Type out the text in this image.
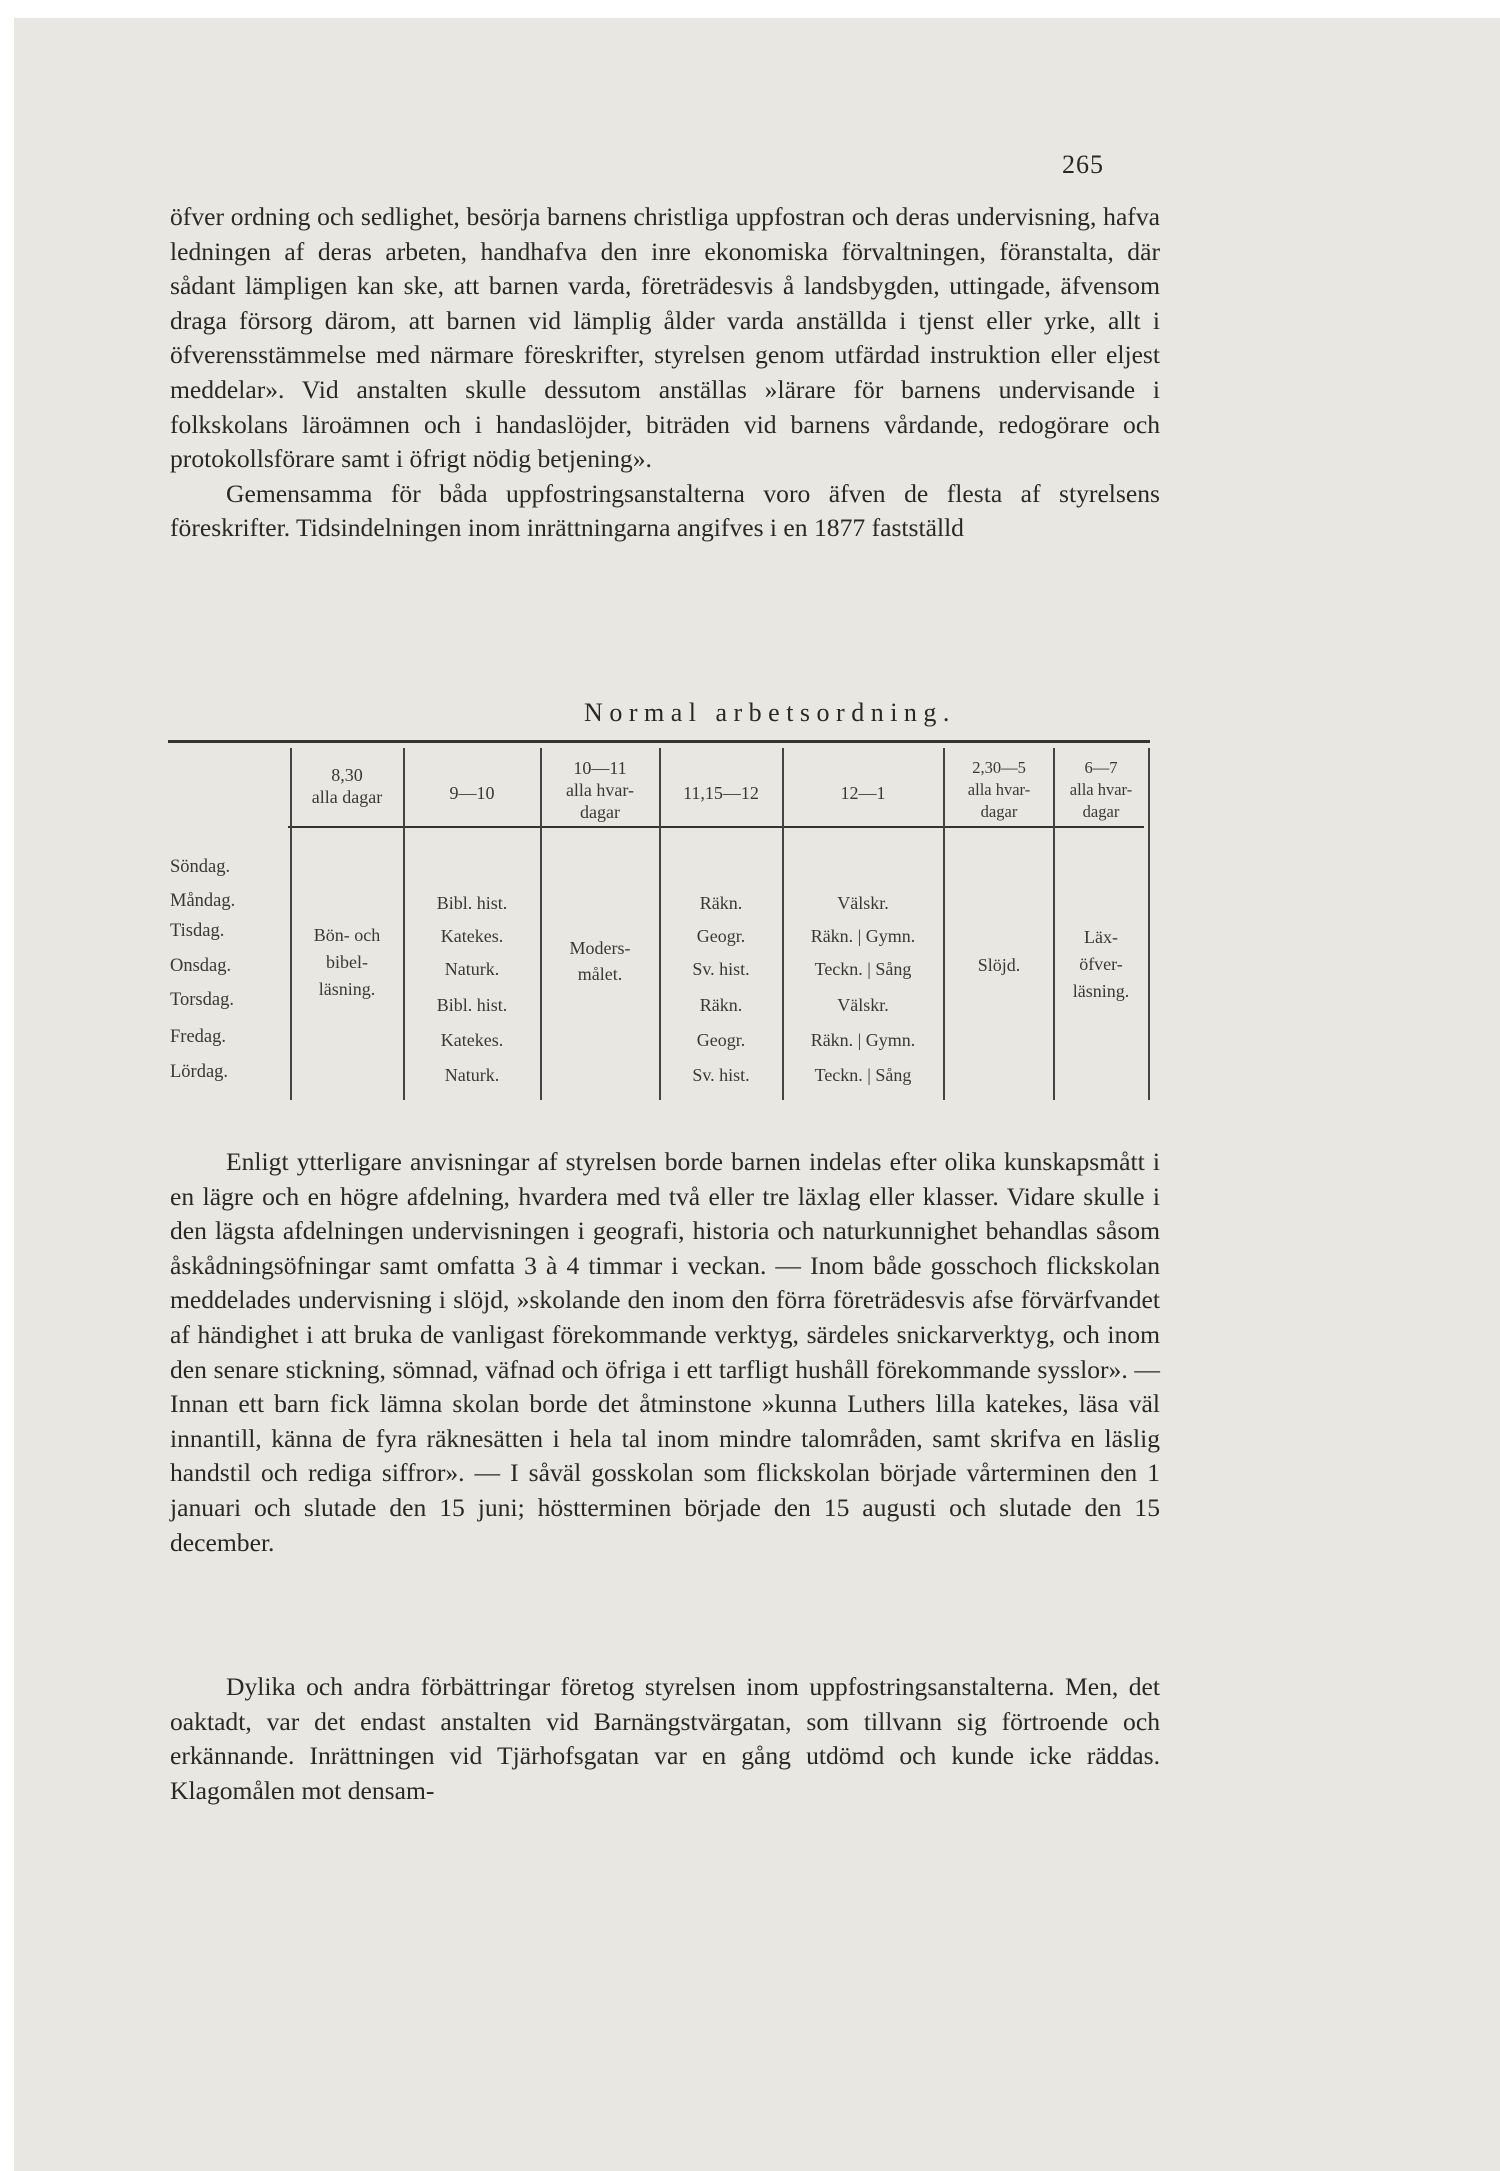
265
öfver ordning och sedlighet, besörja barnens christliga uppfostran och deras undervisning, hafva ledningen af deras arbeten, handhafva den inre ekonomiska förvaltningen, föranstalta, där sådant lämpligen kan ske, att barnen varda, företrädesvis å landsbygden, uttingade, äfvensom draga försorg därom, att barnen vid lämplig ålder varda anställda i tjenst eller yrke, allt i öfverensstämmelse med närmare föreskrifter, styrelsen genom utfärdad instruktion eller eljest meddelar». Vid anstalten skulle dessutom anställas »lärare för barnens undervisande i folkskolans läroämnen och i handaslöjder, biträden vid barnens vårdande, redogörare och protokollsförare samt i öfrigt nödig betjening».
Gemensamma för båda uppfostringsanstalterna voro äfven de flesta af styrelsens föreskrifter. Tidsindelningen inom inrättningarna angifves i en 1877 fastställd
Normal arbetsordning.
8,30
alla dagar	9—10
10—11
alla hvar-
dagar
11,15—12	12—1
2,30—5
alla hvar-
dagar
6—7
alla hvar-
dagar
Söndag.
Måndag.
Tisdag.
Onsdag.
Torsdag.
Fredag.
Lördag.
Bön- och
bibel-
läsning.
Bibl. hist.
Katekes.
Naturk.
Bibl. hist.
Katekes.
Naturk.
Moders-
målet.
Räkn.
Geogr.
Sv. hist.
Räkn.
Geogr.
Sv. hist.
Välskr.
Räkn. | Gymn.
Teckn. | Sång
Välskr.
Räkn. | Gymn.
Teckn. | Sång
Slöjd.
Läx-
öfver-
läsning.
Enligt ytterligare anvisningar af styrelsen borde barnen indelas efter olika kunskapsmått i en lägre och en högre afdelning, hvardera med två eller tre läxlag eller klasser. Vidare skulle i den lägsta afdelningen undervisningen i geografi, historia och naturkunnighet behandlas såsom åskådningsöfningar samt omfatta 3 à 4 timmar i veckan. — Inom både gosschoch flickskolan meddelades undervisning i slöjd, »skolande den inom den förra företrädesvis afse förvärfvandet af händighet i att bruka de vanligast förekommande verktyg, särdeles snickarverktyg, och inom den senare stickning, sömnad, väfnad och öfriga i ett tarfligt hushåll förekommande sysslor». — Innan ett barn fick lämna skolan borde det åtminstone »kunna Luthers lilla katekes, läsa väl innantill, känna de fyra räknesätten i hela tal inom mindre talområden, samt skrifva en läslig handstil och rediga siffror». — I såväl gosskolan som flickskolan började vårterminen den 1 januari och slutade den 15 juni; höstterminen började den 15 augusti och slutade den 15 december.
Dylika och andra förbättringar företog styrelsen inom uppfostringsanstalterna. Men, det oaktadt, var det endast anstalten vid Barnängstvärgatan, som tillvann sig förtroende och erkännande. Inrättningen vid Tjärhofsgatan var en gång utdömd och kunde icke räddas. Klagomålen mot densam-
